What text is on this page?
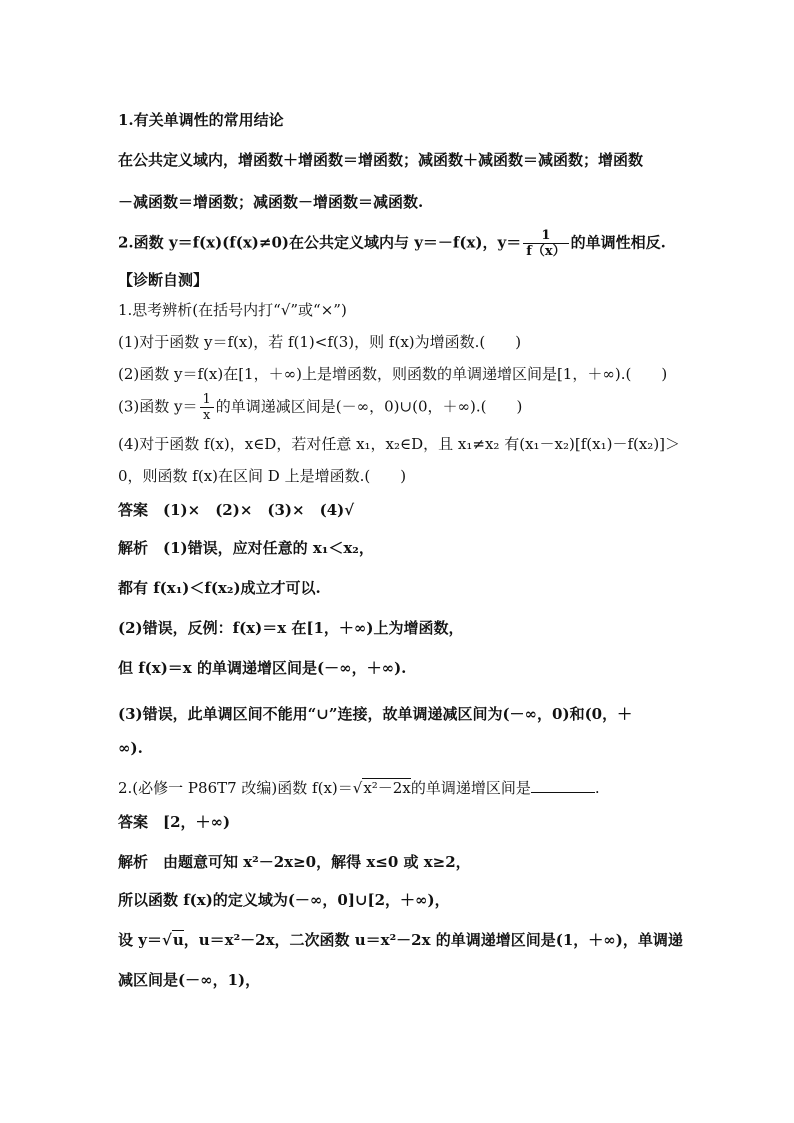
1.有关单调性的常用结论
在公共定义域内，增函数＋增函数＝增函数；减函数＋减函数＝减函数；增函数
－减函数＝增函数；减函数－增函数＝减函数.
2.函数 y＝f(x)(f(x)≠0)在公共定义域内与 y＝－f(x)，$y= \frac{1}{f(x)}$ 的单调性相反.
【诊断自测】
1.思考辨析(在括号内打“√”或“×”)
(1)对于函数 y＝f(x)，若 f(1)<f(3)，则 f(x)为增函数.(　　)
(2)函数 y＝f(x)在[1，＋∞)上是增函数，则函数的单调递增区间是[1，＋∞).(　　)
(3)函数 $y= \frac{1}{x}$ 的单调递减区间是(－∞，0)∪(0，＋∞).(　　)
(4)对于函数 f(x)，x∈D，若对任意 x₁，x₂∈D，且 x₁≠x₂ 有(x₁－x₂)[f(x₁)－f(x₂)]＞
0，则函数 f(x)在区间 D 上是增函数.(　　)
答案　(1)×　(2)×　(3)×　(4)√
解析　(1)错误，应对任意的 x₁＜x₂，
都有 f(x₁)＜f(x₂)成立才可以.
(2)错误，反例：f(x)＝x 在[1，＋∞)上为增函数，
但 f(x)＝x 的单调递增区间是(－∞，＋∞).
(3)错误，此单调区间不能用“∪”连接，故单调递减区间为(－∞，0)和(0，＋
∞).
2.(必修一 P86T7 改编)函数 f(x)＝√x²－2x的单调递增区间是	.
答案　[2，＋∞)
解析　由题意可知 x²－2x≥0，解得 x≤0 或 x≥2，
所以函数 f(x)的定义域为(－∞，0]∪[2，＋∞)，
设 y＝√u，u＝x²－2x，二次函数 u＝x²－2x 的单调递增区间是(1，＋∞)，单调递
减区间是(－∞，1)，
